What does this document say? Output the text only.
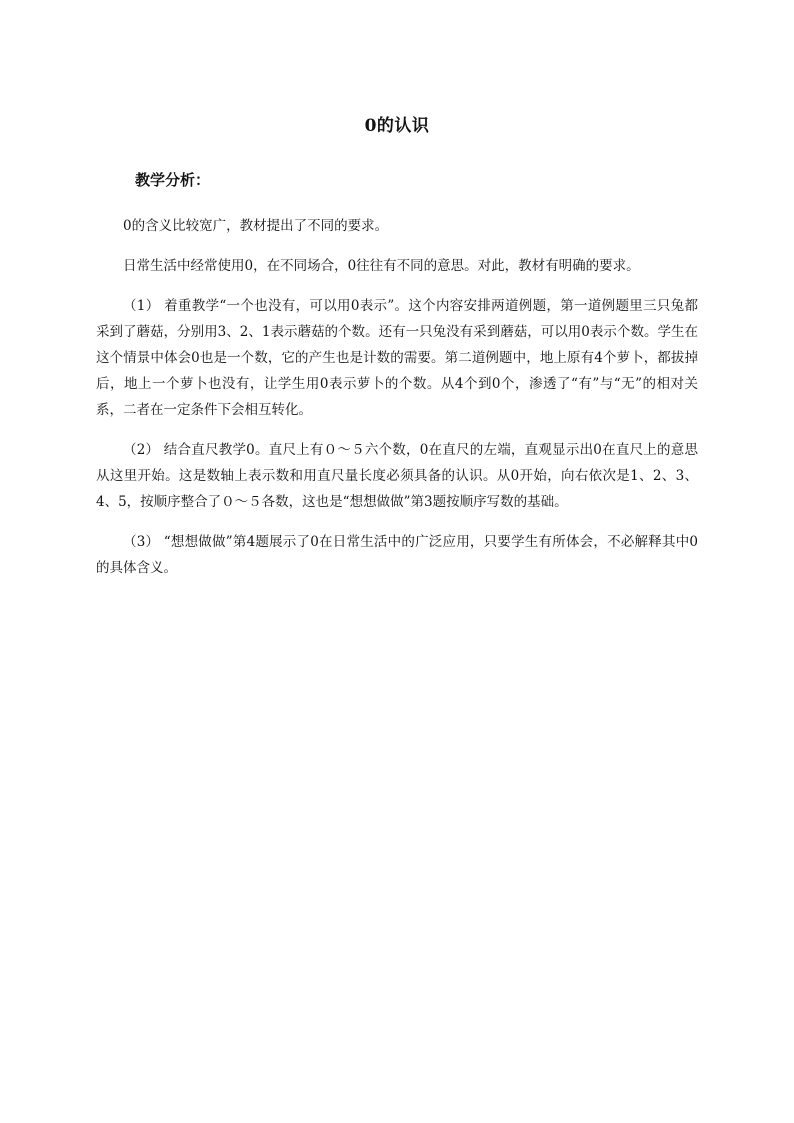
0的认识
教学分析：

0的含义比较宽广，教材提出了不同的要求。

日常生活中经常使用0，在不同场合，0往往有不同的意思。对此，教材有明确的要求。

（1） 着重教学“一个也没有，可以用0表示”。这个内容安排两道例题，第一道例题里三只兔都采到了蘑菇，分别用3、2、1表示蘑菇的个数。还有一只兔没有采到蘑菇，可以用0表示个数。学生在这个情景中体会0也是一个数，它的产生也是计数的需要。第二道例题中，地上原有4个萝卜，都拔掉后，地上一个萝卜也没有，让学生用0表示萝卜的个数。从4个到0个，渗透了“有”与“无”的相对关系，二者在一定条件下会相互转化。

（2） 结合直尺教学0。直尺上有０～５六个数，0在直尺的左端，直观显示出0在直尺上的意思 从这里开始。这是数轴上表示数和用直尺量长度必须具备的认识。从0开始，向右依次是1、2、3、4、5，按顺序整合了０～５各数，这也是“想想做做”第3题按顺序写数的基础。

（3） “想想做做”第4题展示了0在日常生活中的广泛应用，只要学生有所体会，不必解释其中0的具体含义。
